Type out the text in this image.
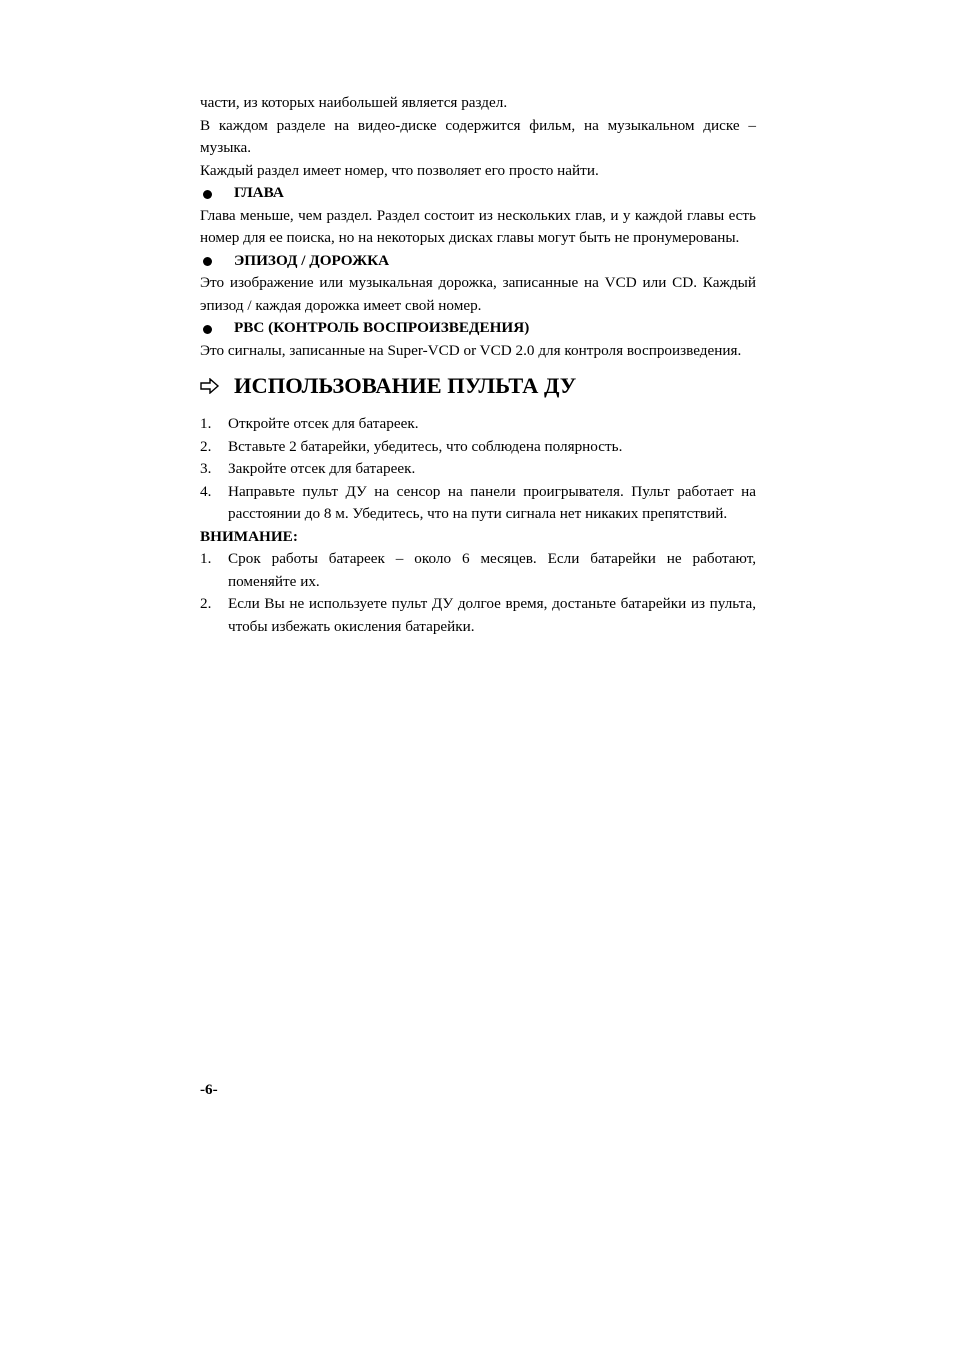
части, из которых наибольшей является раздел.

В каждом разделе на видео-диске содержится фильм, на музыкальном диске – музыка.

Каждый раздел имеет номер, что позволяет его просто найти.

ГЛАВА

Глава меньше, чем раздел. Раздел состоит из нескольких глав, и у каждой главы есть номер для ее поиска, но на некоторых дисках главы могут быть не пронумерованы.

ЭПИЗОД / ДОРОЖКА

Это изображение или музыкальная дорожка, записанные на VCD или CD. Каждый эпизод / каждая дорожка имеет свой номер.

PBC (КОНТРОЛЬ ВОСПРОИЗВЕДЕНИЯ)

Это сигналы, записанные на Super-VCD or VCD 2.0 для контроля воспроизведения.

ИСПОЛЬЗОВАНИЕ ПУЛЬТА ДУ
1. Откройте отсек для батареек.
2. Вставьте 2 батарейки, убедитесь, что соблюдена полярность.
3. Закройте отсек для батареек.
4. Направьте пульт ДУ на сенсор на панели проигрывателя. Пульт работает на расстоянии до 8 м. Убедитесь, что на пути сигнала нет никаких препятствий.

ВНИМАНИЕ:

1. Срок работы батареек – около 6 месяцев. Если батарейки не работают, поменяйте их.
2. Если Вы не используете пульт ДУ долгое время, достаньте батарейки из пульта, чтобы избежать окисления батарейки.
-6-
